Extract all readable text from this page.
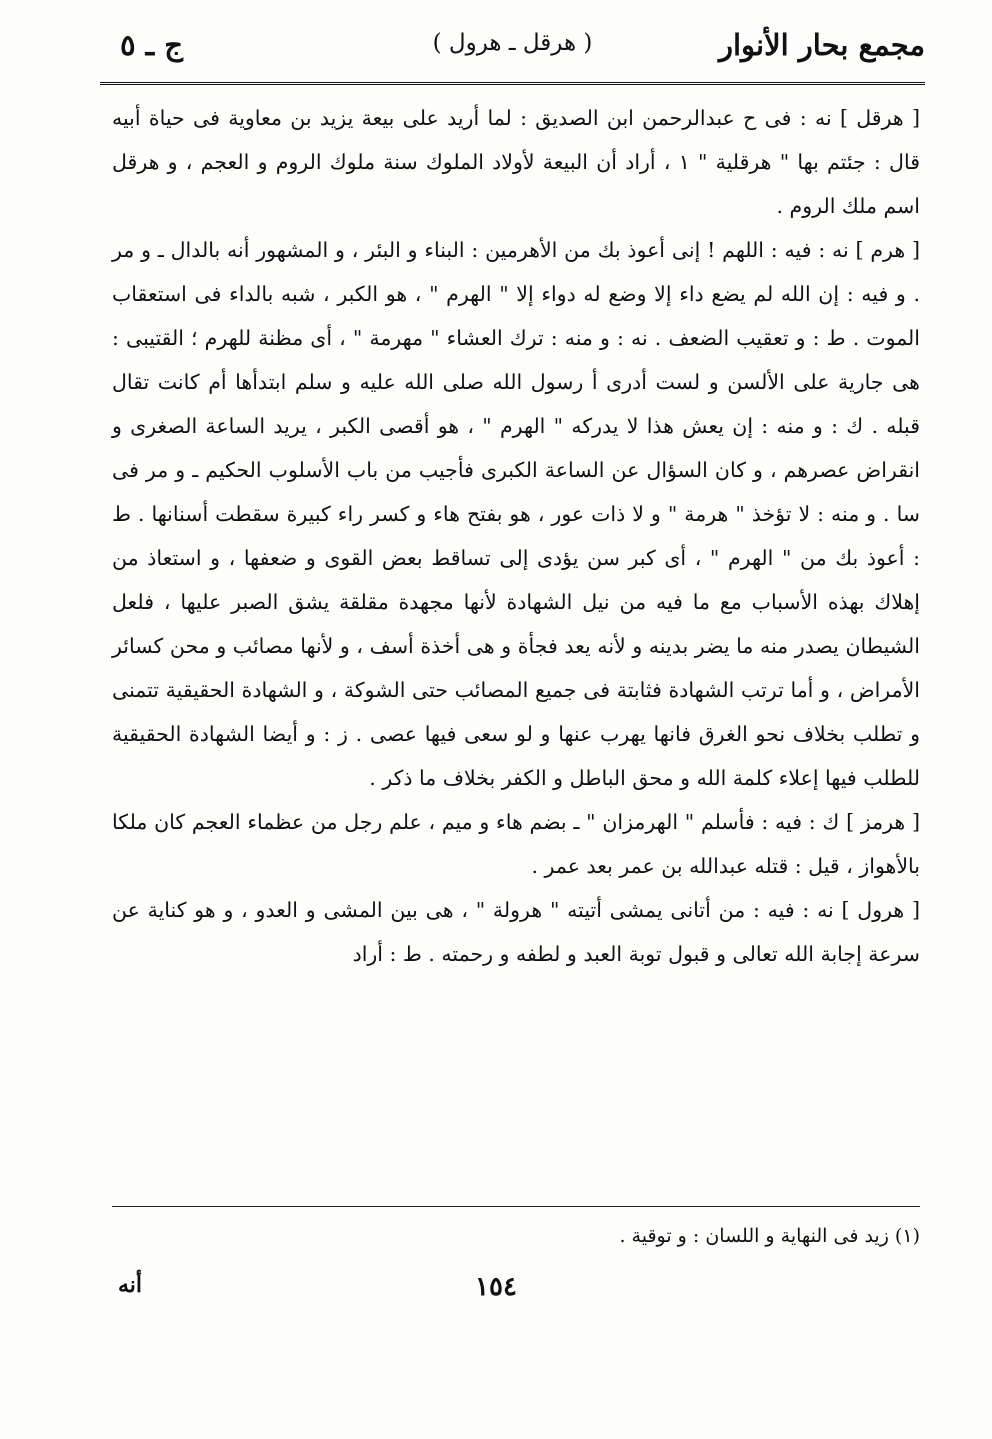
مجمع بحار الأنوار
( هرقل ـ هرول )
ج ـ ٥

[ هرقل ] نه : فى ح عبدالرحمن ابن الصديق : لما أريد على بيعة يزيد بن معاوية فى حياة أبيه قال : جئتم بها " هرقلية " ١ ، أراد أن البيعة لأولاد الملوك سنة ملوك الروم و العجم ، و هرقل اسم ملك الروم .

[ هرم ] نه : فيه : اللهم ! إنى أعوذ بك من الأهرمين : البناء و البئر ، و المشهور أنه بالدال ـ و مر . و فيه : إن الله لم يضع داء إلا وضع له دواء إلا " الهرم " ، هو الكبر ، شبه بالداء فى استعقاب الموت . ط : و تعقيب الضعف . نه : و منه : ترك العشاء " مهرمة " ، أى مظنة للهرم ؛ القتيبى : هى جارية على الألسن و لست أدرى أ رسول الله صلى الله عليه و سلم ابتدأها أم كانت تقال قبله . ك : و منه : إن يعش هذا لا يدركه " الهرم " ، هو أقصى الكبر ، يريد الساعة الصغرى و انقراض عصرهم ، و كان السؤال عن الساعة الكبرى فأجيب من باب الأسلوب الحكيم ـ و مر فى سا . و منه : لا تؤخذ " هرمة " و لا ذات عور ، هو بفتح هاء و كسر راء كبيرة سقطت أسنانها . ط : أعوذ بك من " الهرم " ، أى كبر سن يؤدى إلى تساقط بعض القوى و ضعفها ، و استعاذ من إهلاك بهذه الأسباب مع ما فيه من نيل الشهادة لأنها مجهدة مقلقة يشق الصبر عليها ، فلعل الشيطان يصدر منه ما يضر بدينه و لأنه يعد فجأة و هى أخذة أسف ، و لأنها مصائب و محن كسائر الأمراض ، و أما ترتب الشهادة فثابتة فى جميع المصائب حتى الشوكة ، و الشهادة الحقيقية تتمنى و تطلب بخلاف نحو الغرق فانها يهرب عنها و لو سعى فيها عصى . ز : و أيضا الشهادة الحقيقية للطلب فيها إعلاء كلمة الله و محق الباطل و الكفر بخلاف ما ذكر .

[ هرمز ] ك : فيه : فأسلم " الهرمزان " ـ بضم هاء و ميم ، علم رجل من عظماء العجم كان ملكا بالأهواز ، قيل : قتله عبدالله بن عمر بعد عمر .

[ هرول ] نه : فيه : من أتانى يمشى أتيته " هرولة " ، هى بين المشى و العدو ، و هو كناية عن سرعة إجابة الله تعالى و قبول توبة العبد و لطفه و رحمته . ط : أراد

(١) زيد فى النهاية و اللسان : و توقية .
١٥٤
أنه
